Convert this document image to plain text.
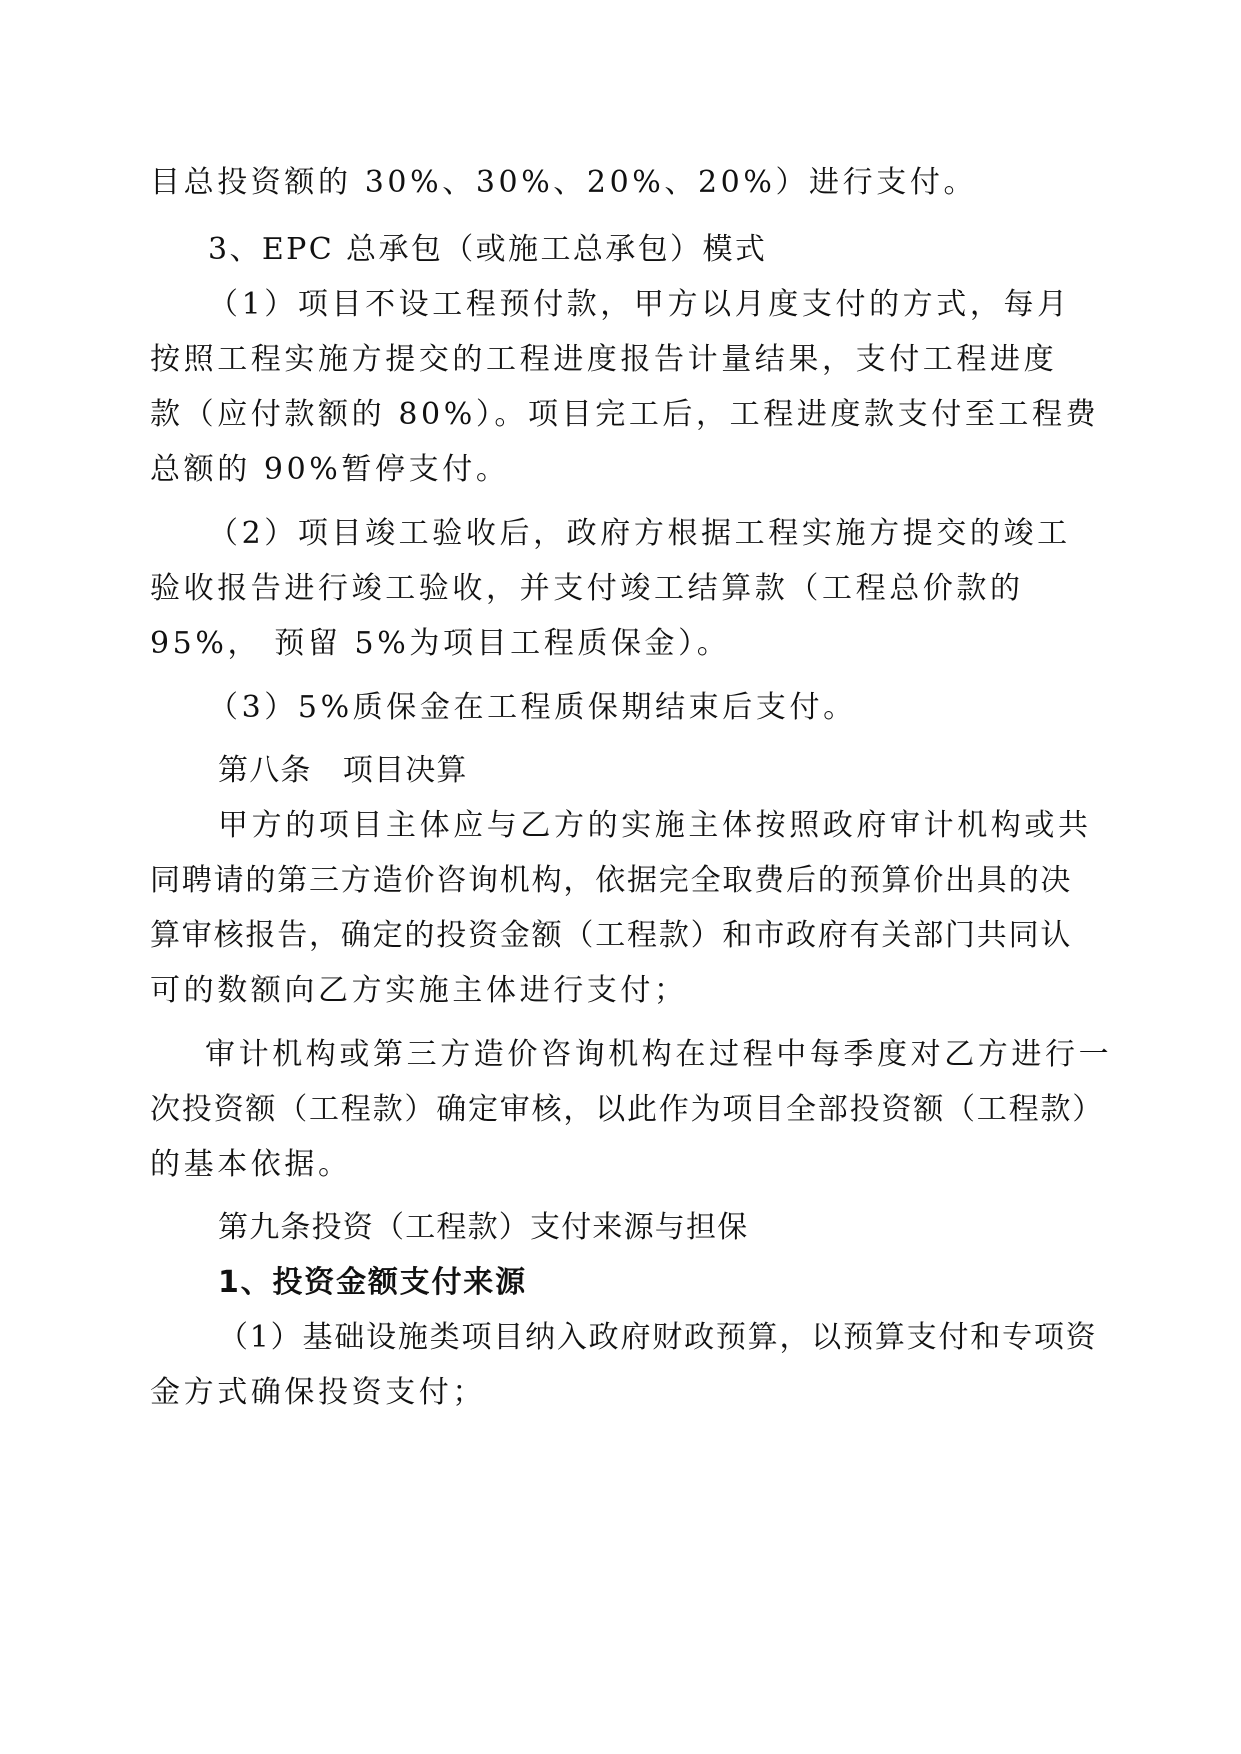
目总投资额的 30%、30%、20%、20%）进行支付。
3、EPC 总承包（或施工总承包）模式
（1）项目不设工程预付款，甲方以月度支付的方式，每月
按照工程实施方提交的工程进度报告计量结果，支付工程进度
款（应付款额的 80%）。项目完工后，工程进度款支付至工程费
总额的 90%暂停支付。
（2）项目竣工验收后，政府方根据工程实施方提交的竣工
验收报告进行竣工验收，并支付竣工结算款（工程总价款的
95%， 预留 5%为项目工程质保金）。
（3）5%质保金在工程质保期结束后支付。
第八条　项目决算
甲方的项目主体应与乙方的实施主体按照政府审计机构或共
同聘请的第三方造价咨询机构，依据完全取费后的预算价出具的决
算审核报告，确定的投资金额（工程款）和市政府有关部门共同认
可的数额向乙方实施主体进行支付；
审计机构或第三方造价咨询机构在过程中每季度对乙方进行一
次投资额（工程款）确定审核，以此作为项目全部投资额（工程款）
的基本依据。
第九条投资（工程款）支付来源与担保
1、投资金额支付来源
（1）基础设施类项目纳入政府财政预算，以预算支付和专项资
金方式确保投资支付；
